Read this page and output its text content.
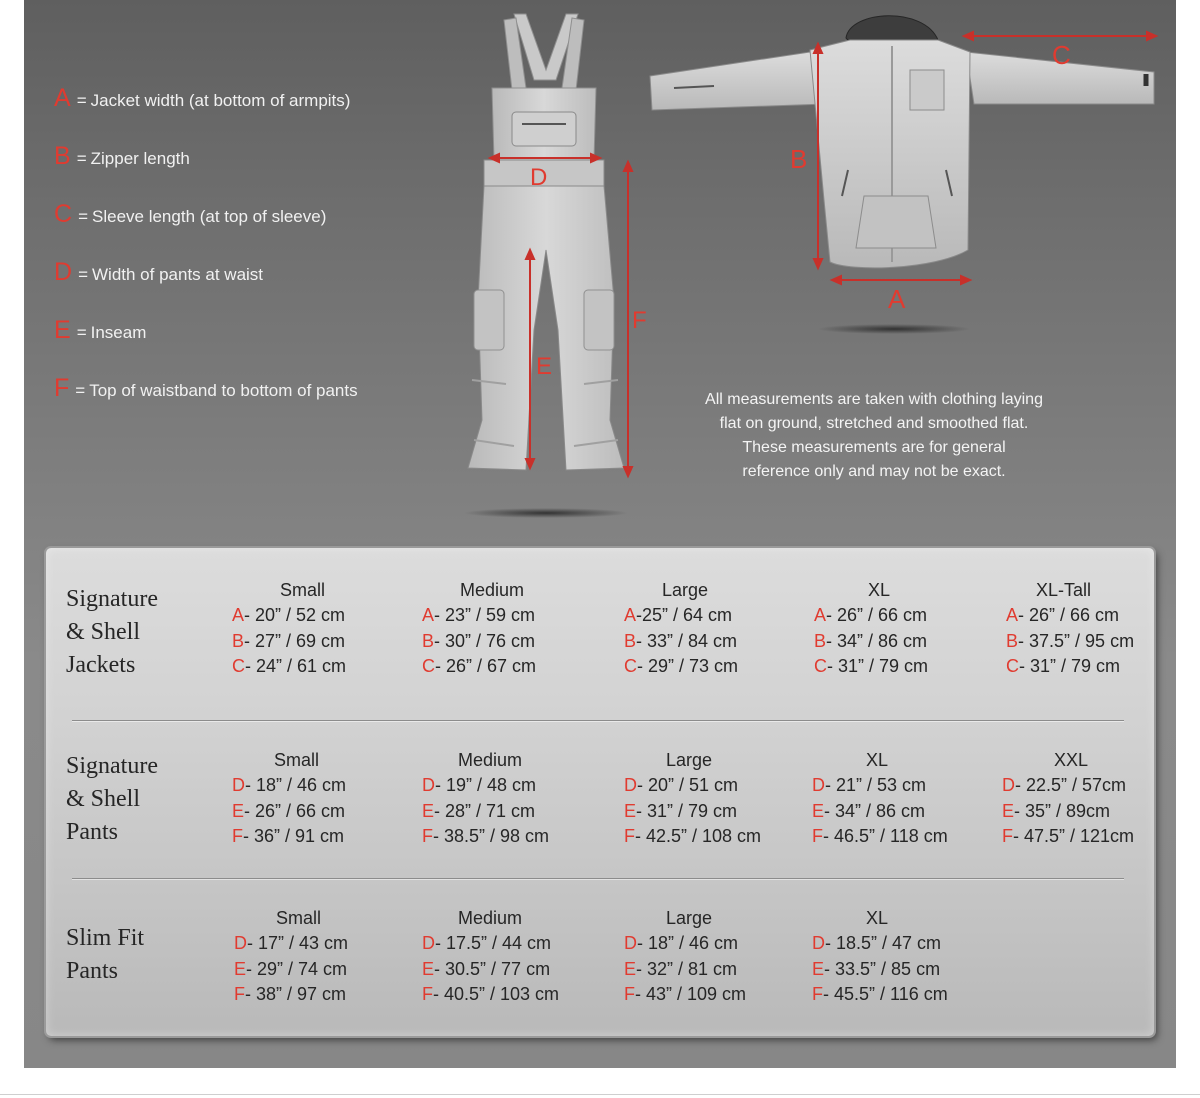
A = Jacket width (at bottom of armpits)
B = Zipper length
C = Sleeve length (at top of sleeve)
D = Width of pants at waist
E = Inseam
F = Top of waistband to bottom of pants
D
E
F
C
B
A
All measurements are taken with clothing laying
flat on ground, stretched and smoothed flat.
These measurements are for general
reference only and may not be exact.
Signature
& Shell
Jackets
Small
A- 20” / 52 cm
B- 27” / 69 cm
C- 24” / 61 cm
Medium
A- 23” / 59 cm
B- 30” / 76 cm
C- 26” / 67 cm
Large
A-25” / 64 cm
B- 33” / 84 cm
C- 29” / 73 cm
XL
A- 26” / 66 cm
B- 34” / 86 cm
C- 31” / 79 cm
XL-Tall
A- 26” / 66 cm
B- 37.5” / 95 cm
C- 31” / 79 cm
Signature
& Shell
Pants
Small
D- 18” / 46 cm
E- 26” / 66 cm
F- 36” / 91 cm
Medium
D- 19” / 48 cm
E- 28” / 71 cm
F- 38.5” / 98 cm
Large
D- 20” / 51 cm
E- 31” / 79 cm
F- 42.5” / 108 cm
XL
D- 21” / 53 cm
E- 34” / 86 cm
F- 46.5” / 118 cm
XXL
D- 22.5” / 57cm
E- 35” / 89cm
F- 47.5” / 121cm
Slim Fit
Pants
Small
D- 17” / 43 cm
E- 29” / 74 cm
F- 38” / 97 cm
Medium
D- 17.5” / 44 cm
E- 30.5” / 77 cm
F- 40.5” / 103 cm
Large
D- 18” / 46 cm
E- 32” / 81 cm
F- 43” / 109 cm
XL
D- 18.5” / 47 cm
E- 33.5” / 85 cm
F- 45.5” / 116 cm
